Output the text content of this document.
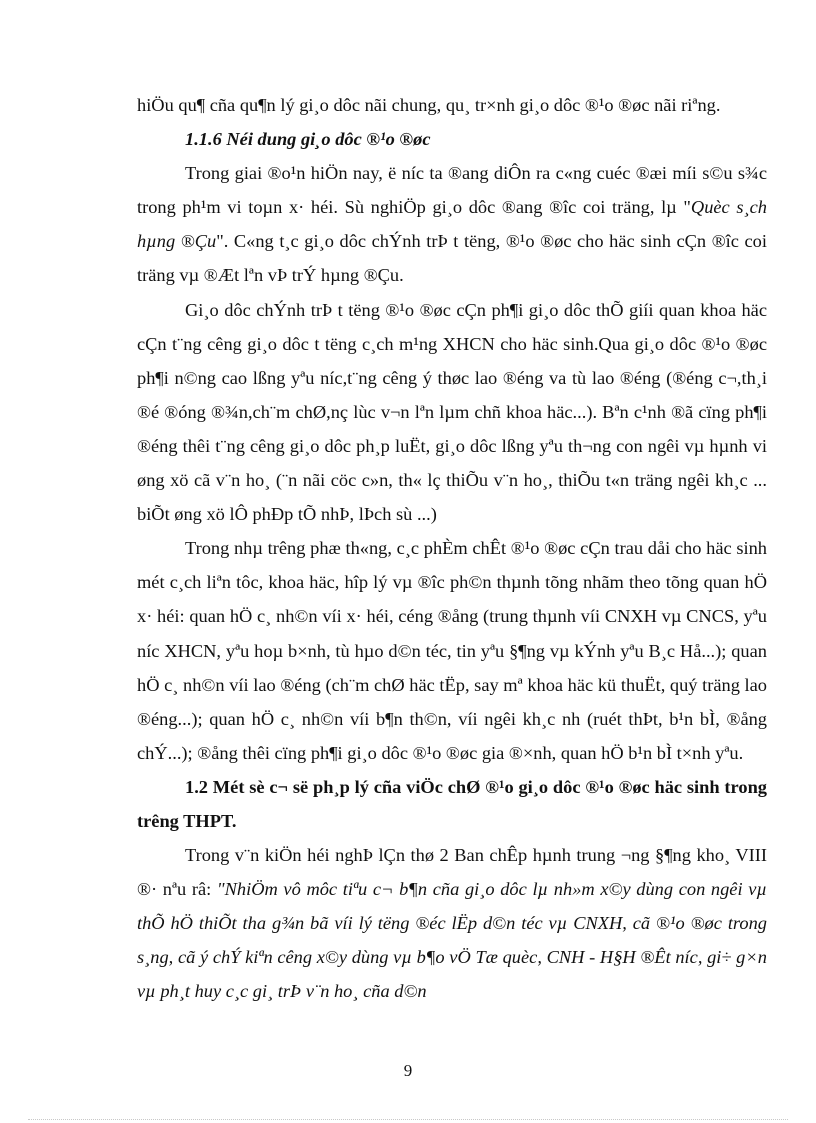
hiÖu qu¶ cña qu¶n lý gi¸o dôc nãi chung, qu¸ tr×nh gi¸o dôc ®¹o ®øc nãi riªng.

1.1.6 Néi dung gi¸o dôc ®¹o ®øc

Trong giai ®o¹n hiÖn nay, ë níc ta ®ang diÔn ra c«ng cuéc ®æi míi s©u s¾c trong ph¹m vi toµn x· héi. Sù nghiÖp gi¸o dôc ®ang ®îc coi träng, lµ "Quèc s¸ch hµng ®Çu". C«ng t¸c gi¸o dôc chÝnh trÞ t tëng, ®¹o ®øc cho häc sinh cÇn ®îc coi träng vµ ®Æt lªn vÞ trÝ hµng ®Çu.

Gi¸o dôc chÝnh trÞ t tëng ®¹o ®øc cÇn ph¶i gi¸o dôc thÕ giíi quan khoa häc cÇn t¨ng cêng gi¸o dôc t tëng c¸ch m¹ng XHCN cho häc sinh.Qua gi¸o dôc ®¹o ®øc ph¶i n©ng cao lßng yªu níc,t¨ng cêng ý thøc lao ®éng va tù lao ®éng (®éng c¬,th¸i ®é ®óng ®¾n,ch¨m chØ,nç lùc v¬n lªn lµm chñ khoa häc...). Bªn c¹nh ®ã cïng ph¶i ®éng thêi t¨ng cêng gi¸o dôc ph¸p luËt, gi¸o dôc lßng yªu th¬ng con ngêi vµ hµnh vi øng xö cã v¨n ho¸ (¨n nãi cöc c»n, th« lç thiÕu v¨n ho¸, thiÕu t«n träng ngêi kh¸c ... biÕt øng xö lÔ phÐp tÕ nhÞ, lÞch sù ...)

Trong nhµ trêng phæ th«ng, c¸c phÈm chÊt ®¹o ®øc cÇn trau dåi cho häc sinh mét c¸ch liªn tôc, khoa häc, hîp lý vµ ®îc ph©n thµnh tõng nhãm theo tõng quan hÖ x· héi: quan hÖ c¸ nh©n víi x· héi, céng ®ång (trung thµnh víi CNXH vµ CNCS, yªu níc XHCN, yªu hoµ b×nh, tù hµo d©n téc, tin yªu §¶ng vµ kÝnh yªu B¸c Hå...); quan hÖ c¸ nh©n víi lao ®éng (ch¨m chØ häc tËp, say mª khoa häc kü thuËt, quý träng lao ®éng...); quan hÖ c¸ nh©n víi b¶n th©n, víi ngêi kh¸c nh (ruét thÞt, b¹n bÌ, ®ång chÝ...); ®ång thêi cïng ph¶i gi¸o dôc ®¹o ®øc gia ®×nh, quan hÖ b¹n bÌ t×nh yªu.

1.2 Mét sè c¬ së ph¸p lý cña viÖc chØ ®¹o gi¸o dôc ®¹o ®øc häc sinh trong trêng THPT.

Trong v¨n kiÖn héi nghÞ lÇn thø 2 Ban chÊp hµnh trung ¬ng §¶ng kho¸ VIII ®· nªu râ: "NhiÖm vô môc tiªu c¬ b¶n cña gi¸o dôc lµ nh»m x©y dùng con ngêi vµ thÕ hÖ thiÕt tha g¾n bã víi lý tëng ®éc lËp d©n téc vµ CNXH, cã ®¹o ®øc trong s¸ng, cã ý chÝ kiªn cêng x©y dùng vµ b¶o vÖ Tæ quèc, CNH - H§H ®Êt níc, gi÷ g×n vµ ph¸t huy c¸c gi¸ trÞ v¨n ho¸ cña d©n

9
